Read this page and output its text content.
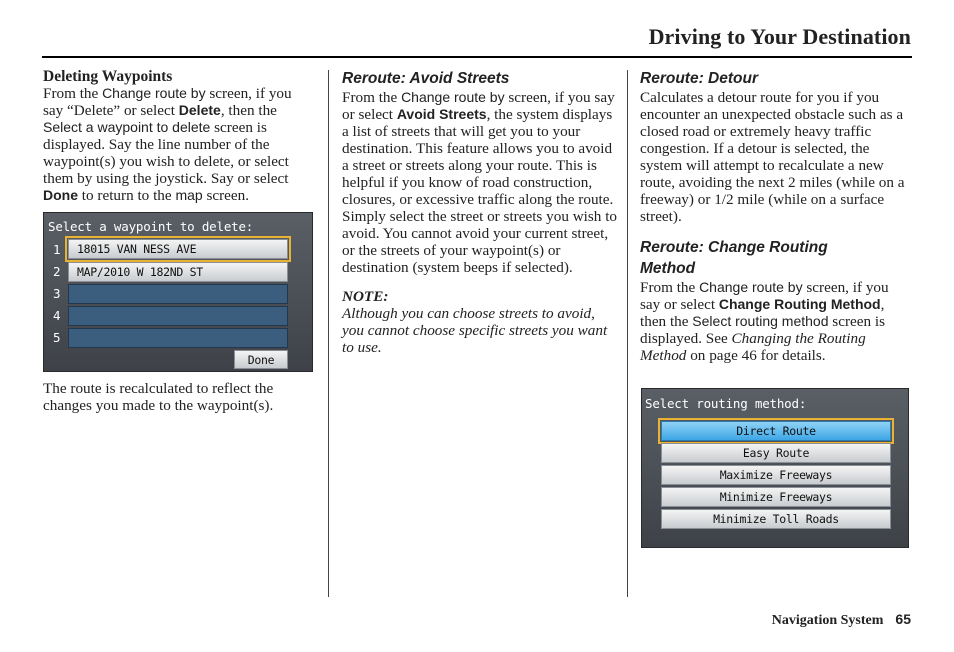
Driving to Your Destination
Deleting Waypoints

From the Change route by screen, if you say “Delete” or select Delete, then the Select a waypoint to delete screen is displayed. Say the line number of the waypoint(s) you wish to delete, or select them by using the joystick. Say or select Done to return to the map screen.

Select a waypoint to delete:
1	18015 VAN NESS AVE
2	MAP/2010 W 182ND ST
3
4
5
Done

The route is recalculated to reflect the changes you made to the waypoint(s).

Reroute: Avoid Streets

From the Change route by screen, if you say or select Avoid Streets, the system displays a list of streets that will get you to your destination. This feature allows you to avoid a street or streets along your route. This is helpful if you know of road construction, closures, or excessive traffic along the route. Simply select the street or streets you wish to avoid. You cannot avoid your current street, or the streets of your waypoint(s) or destination (system beeps if selected).

NOTE:

Although you can choose streets to avoid, you cannot choose specific streets you want to use.

Reroute: Detour

Calculates a detour route for you if you encounter an unexpected obstacle such as a closed road or extremely heavy traffic congestion. If a detour is selected, the system will attempt to recalculate a new route, avoiding the next 2 miles (while on a freeway) or 1/2 mile (while on a surface street).

Reroute: Change Routing
Method

From the Change route by screen, if you say or select Change Routing Method, then the Select routing method screen is displayed. See Changing the Routing Method on page 46 for details.

Select routing method:
Direct Route
Easy Route
Maximize Freeways
Minimize Freeways
Minimize Toll Roads
Navigation System 65
